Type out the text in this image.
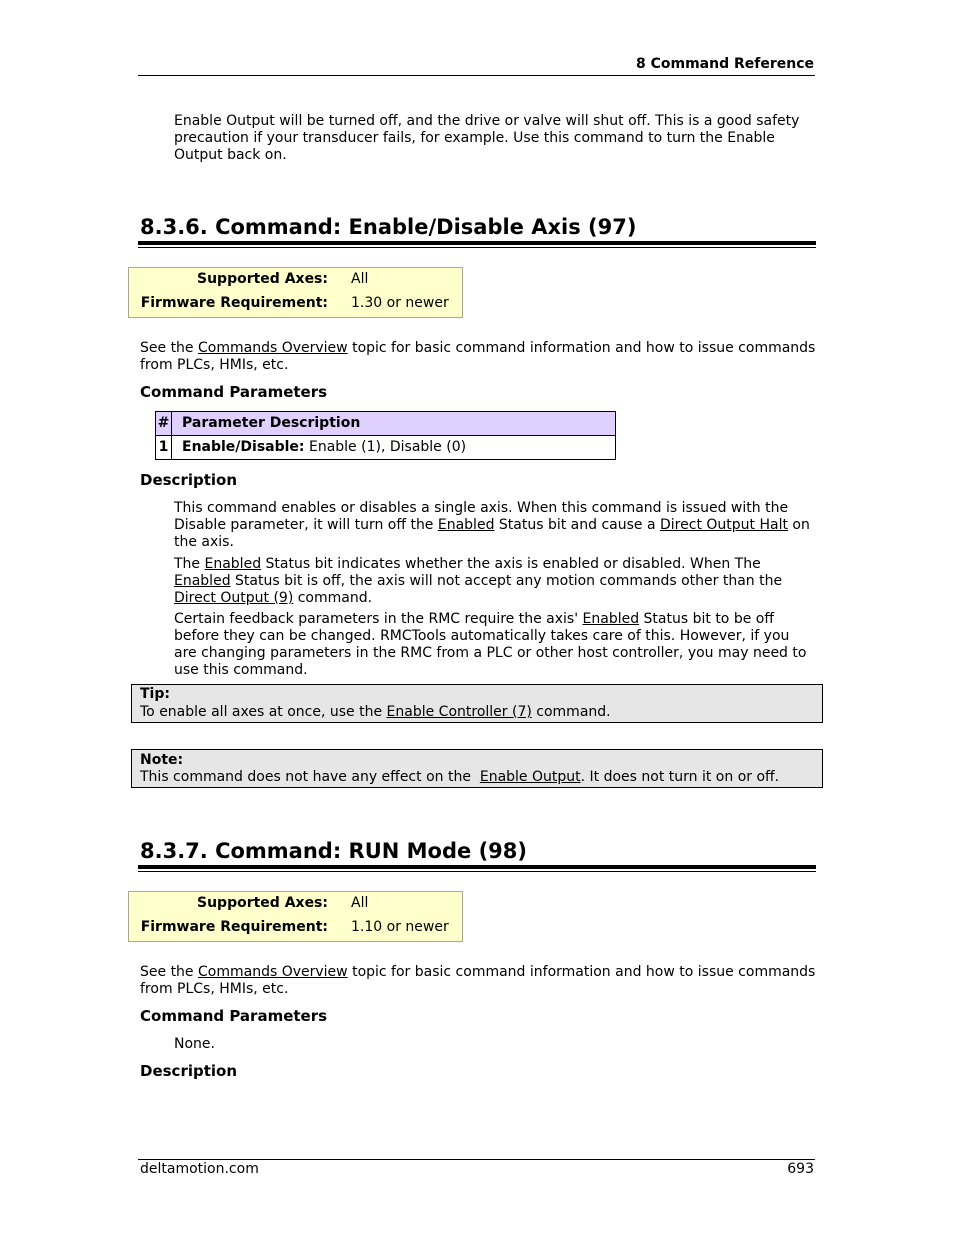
8 Command Reference

Enable Output will be turned off, and the drive or valve will shut off. This is a good safety precaution if your transducer fails, for example. Use this command to turn the Enable Output back on.

8.3.6. Command: Enable/Disable Axis (97)
Supported Axes: All
Firmware Requirement: 1.30 or newer

See the Commands Overview topic for basic command information and how to issue commands from PLCs, HMIs, etc.

Command Parameters
#	Parameter Description
1	Enable/Disable: Enable (1), Disable (0)
Description

This command enables or disables a single axis. When this command is issued with the Disable parameter, it will turn off the Enabled Status bit and cause a Direct Output Halt on the axis.

The Enabled Status bit indicates whether the axis is enabled or disabled. When The Enabled Status bit is off, the axis will not accept any motion commands other than the Direct Output (9) command.

Certain feedback parameters in the RMC require the axis' Enabled Status bit to be off before they can be changed. RMCTools automatically takes care of this. However, if you are changing parameters in the RMC from a PLC or other host controller, you may need to use this command.

Tip:
To enable all axes at once, use the Enable Controller (7) command.
Note:
This command does not have any effect on the  Enable Output. It does not turn it on or off.
8.3.7. Command: RUN Mode (98)
Supported Axes: All
Firmware Requirement: 1.10 or newer

See the Commands Overview topic for basic command information and how to issue commands from PLCs, HMIs, etc.

Command Parameters

None.

Description
deltamotion.com	693
